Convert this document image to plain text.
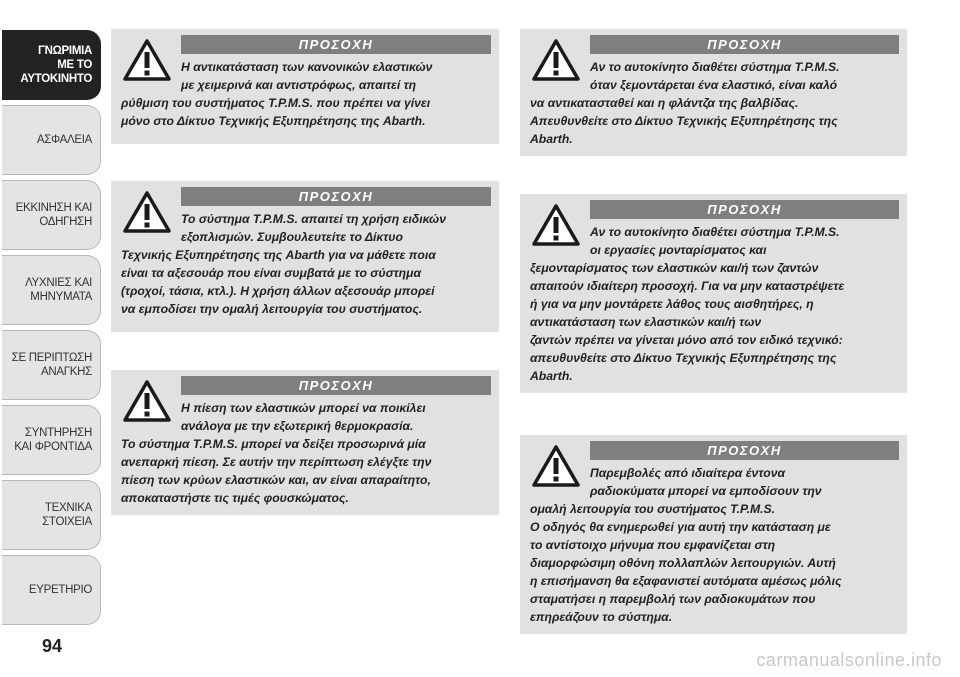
ΓΝΩΡΙΜΙΑ
ΜΕ ΤΟ
ΑΥΤΟΚΙΝΗΤΟ
ΑΣΦΑΛΕΙΑ
ΕΚΚΙΝΗΣΗ ΚΑΙ
ΟΔΗΓΗΣΗ
ΛΥΧΝΙΕΣ ΚΑΙ
ΜΗΝΥΜΑΤΑ
ΣΕ ΠΕΡΙΠΤΩΣΗ
ΑΝΑΓΚΗΣ
ΣΥΝΤΗΡΗΣΗ
ΚΑΙ ΦΡΟΝΤΙΔΑ
ΤΕΧΝΙΚΑ
ΣΤΟΙΧΕΙΑ
ΕΥΡΕΤΗΡΙΟ
94
ΠΡΟΣΟΧΗ
Η αντικατάσταση των κανονικών ελαστικών
με χειμερινά και αντιστρόφως, απαιτεί τη
ρύθμιση του συστήματος T.P.M.S. που πρέπει να γίνει
μόνο στο Δίκτυο Τεχνικής Εξυπηρέτησης της Abarth.
ΠΡΟΣΟΧΗ
Το σύστημα T.P.M.S. απαιτεί τη χρήση ειδικών
εξοπλισμών. Συμβουλευτείτε το Δίκτυο
Τεχνικής Εξυπηρέτησης της Abarth για να μάθετε ποια
είναι τα αξεσουάρ που είναι συμβατά με το σύστημα
(τροχοί, τάσια, κτλ.). Η χρήση άλλων αξεσουάρ μπορεί
να εμποδίσει την ομαλή λειτουργία του συστήματος.
ΠΡΟΣΟΧΗ
Η πίεση των ελαστικών μπορεί να ποικίλει
ανάλογα με την εξωτερική θερμοκρασία.
Το σύστημα T.P.M.S. μπορεί να δείξει προσωρινά μία
ανεπαρκή πίεση. Σε αυτήν την περίπτωση ελέγξτε την
πίεση των κρύων ελαστικών και, αν είναι απαραίτητο,
αποκαταστήστε τις τιμές φουσκώματος.
ΠΡΟΣΟΧΗ
Αν το αυτοκίνητο διαθέτει σύστημα T.P.M.S.
όταν ξεμοντάρεται ένα ελαστικό, είναι καλό
να αντικατασταθεί και η φλάντζα της βαλβίδας.
Απευθυνθείτε στο Δίκτυο Τεχνικής Εξυπηρέτησης της
Abarth.
ΠΡΟΣΟΧΗ
Αν το αυτοκίνητο διαθέτει σύστημα T.P.M.S.
οι εργασίες μονταρίσματος και
ξεμονταρίσματος των ελαστικών και/ή των ζαντών
απαιτούν ιδιαίτερη προσοχή. Για να μην καταστρέψετε
ή για να μην μοντάρετε λάθος τους αισθητήρες, η
αντικατάσταση των ελαστικών και/ή των
ζαντών πρέπει να γίνεται μόνο από τον ειδικό τεχνικό:
απευθυνθείτε στο Δίκτυο Τεχνικής Εξυπηρέτησης της
Abarth.
ΠΡΟΣΟΧΗ
Παρεμβολές από ιδιαίτερα έντονα
ραδιοκύματα μπορεί να εμποδίσουν την
ομαλή λειτουργία του συστήματος T.P.M.S.
Ο οδηγός θα ενημερωθεί για αυτή την κατάσταση με
το αντίστοιχο μήνυμα που εμφανίζεται στη
διαμορφώσιμη οθόνη πολλαπλών λειτουργιών. Αυτή
η επισήμανση θα εξαφανιστεί αυτόματα αμέσως μόλις
σταματήσει η παρεμβολή των ραδιοκυμάτων που
επηρεάζουν το σύστημα.
carmanualsonline.info
